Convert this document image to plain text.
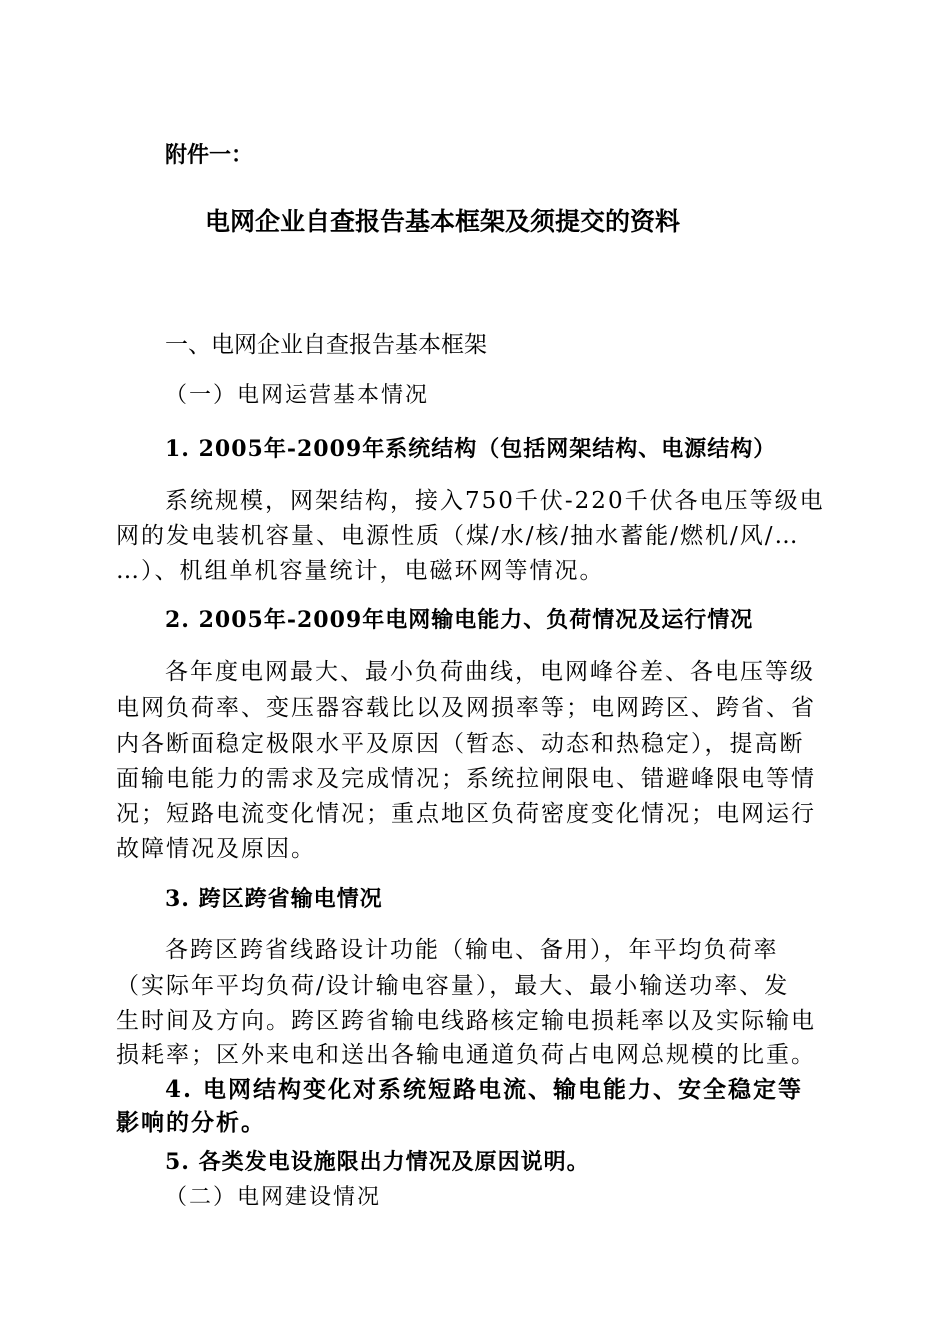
附件一：
电网企业自查报告基本框架及须提交的资料
一、电网企业自查报告基本框架
（一）电网运营基本情况
1. 2005年-2009年系统结构（包括网架结构、电源结构）
系统规模，网架结构，接入750千伏-220千伏各电压等级电
网的发电装机容量、电源性质（煤/水/核/抽水蓄能/燃机/风/…
…）、机组单机容量统计，电磁环网等情况。
2. 2005年-2009年电网输电能力、负荷情况及运行情况
各年度电网最大、最小负荷曲线，电网峰谷差、各电压等级
电网负荷率、变压器容载比以及网损率等；电网跨区、跨省、省
内各断面稳定极限水平及原因（暂态、动态和热稳定），提高断
面输电能力的需求及完成情况；系统拉闸限电、错避峰限电等情
况；短路电流变化情况；重点地区负荷密度变化情况；电网运行
故障情况及原因。
3. 跨区跨省输电情况
各跨区跨省线路设计功能（输电、备用），年平均负荷率
（实际年平均负荷/设计输电容量），最大、最小输送功率、发
生时间及方向。跨区跨省输电线路核定输电损耗率以及实际输电
损耗率；区外来电和送出各输电通道负荷占电网总规模的比重。
4. 电网结构变化对系统短路电流、输电能力、安全稳定等
影响的分析。
5. 各类发电设施限出力情况及原因说明。
（二）电网建设情况
